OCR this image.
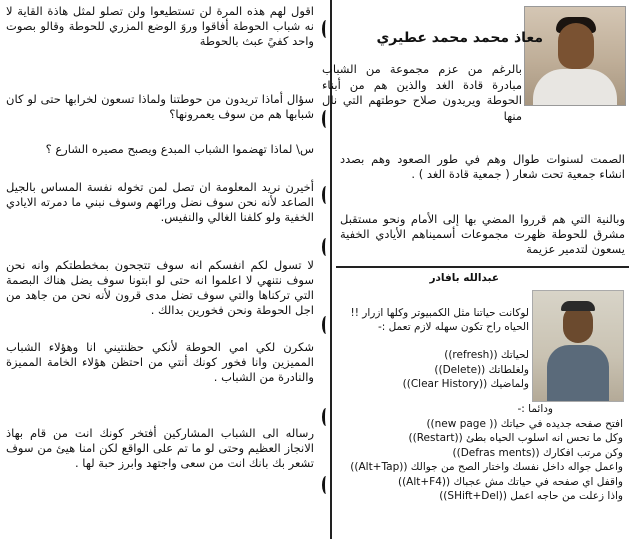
معاذ محمد محمد عطيري
بالرغم من عزم مجموعة من الشباب مبادرة قادة الغد والذين هم من أبناء الحوطة ويريدون صلاح حوطتهم التي نال منها
الصمت لسنوات طوال وهم في طور الصعود وهم بصدد انشاء جمعية تحت شعار ( جمعية قادة الغد ) .
وبالنية التي هم قرروا المضي بها إلى الأمام ونحو مستقبل مشرق للحوطة ظهرت مجموعات أسميناهم الأيادي الخفية يسعون لتدمير عزيمة
عبدالله بافادر
لوكانت حياتنا مثل الكمبيوتر وكلها ازرار !!الحياه راح تكون سهله لازم تعمل :-

لحياتك ((refresh))

ولغلطاتك ((Delete))

ولماضيك ((Clear History))

ودائما :-

افتح صفحه جديده في حياتك (( new page))

وكل ما تحس انه اسلوب الحياه بطئ ((Restart))

وكن مرتب افكارك ((Defras ments))

واعمل جواله داخل نفسك واختار الصح من جوالك ((Alt+Tap))

واقفل اي صفحه في حياتك مش عجباك ((Alt+F4))

واذا زعلت من حاجه اعمل ((SHift+Del))

اقول لهم هذه المرة لن تستطيعوا ولن تصلو لمثل هاذة القاية لا نه شباب الحوطة أفاقوا وروَ الوضع المزري للحوطة وقالو بصوت واحد كفيً عبث بالحوطة
سؤال أماذا تريدون من حوطتنا ولماذا تسعون لخرابها حتى لو كان شبابها هم من سوف يعمرونها؟
س\ لماذا تهضموا الشباب المبدع ويصبح مصيره الشارع ؟
أخيرن نريد المعلومة ان تصل لمن تخوله نفسة المساس بالجيل الصاعد لأنه نحن سوف نضل ورائهم وسوف نبني ما دمرته الايادي الخفية ولو كلفنا الغالي والنفيس.
لا تسول لكم انفسكم انه سوف تتجحون بمخططتكم وانه نحن سوف نتنهي لا اعلموا انه حتى لو ابتونا سوف يضل هناك البصمة التي تركناها والتي سوف تضل مدى قرون لأنه نحن من جاهد من اجل الحوطة ونحن فخورين بدالك .
شكرن لكي امي الحوطة لأنكي حظنتيني انا وهؤلاء الشباب المميزين وانا فخور كونك أنتي من احتظن هؤلاء الخامة المميزة والنادرة من الشباب .
رساله الى الشباب المشاركين أفتخر كونك انت من قام بهاذ الانجاز العظيم وحتى لو ما تم على الواقع لكن امنا هيئ من سوف تشعر بك بانك انت من سعى واجتهد وابرز حبة لها .
